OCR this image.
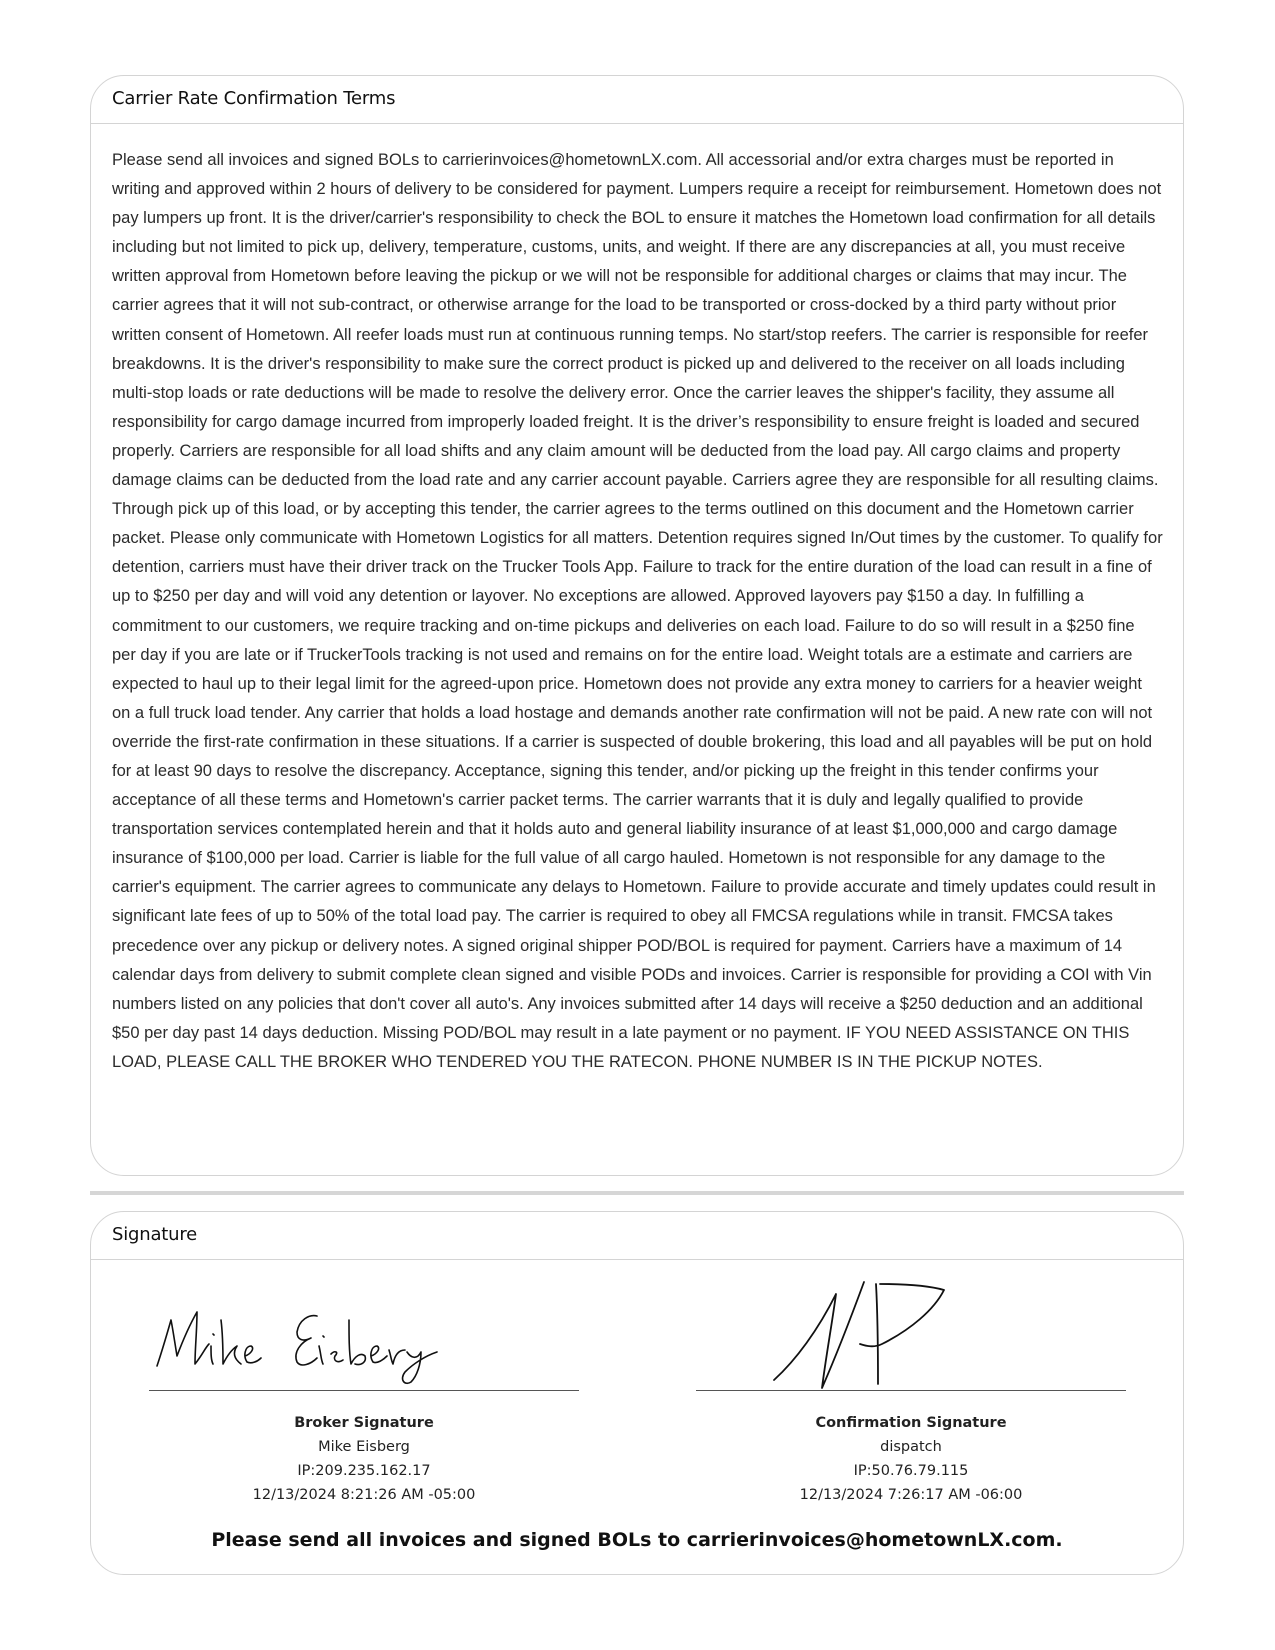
Carrier Rate Confirmation Terms
Please send all invoices and signed BOLs to carrierinvoices@hometownLX.com. All accessorial and/or extra charges must be reported in writing and approved within 2 hours of delivery to be considered for payment. Lumpers require a receipt for reimbursement. Hometown does not pay lumpers up front. It is the driver/carrier's responsibility to check the BOL to ensure it matches the Hometown load confirmation for all details including but not limited to pick up, delivery, temperature, customs, units, and weight. If there are any discrepancies at all, you must receive written approval from Hometown before leaving the pickup or we will not be responsible for additional charges or claims that may incur. The carrier agrees that it will not sub-contract, or otherwise arrange for the load to be transported or cross-docked by a third party without prior written consent of Hometown. All reefer loads must run at continuous running temps. No start/stop reefers. The carrier is responsible for reefer breakdowns. It is the driver's responsibility to make sure the correct product is picked up and delivered to the receiver on all loads including multi-stop loads or rate deductions will be made to resolve the delivery error. Once the carrier leaves the shipper's facility, they assume all responsibility for cargo damage incurred from improperly loaded freight. It is the driver’s responsibility to ensure freight is loaded and secured properly. Carriers are responsible for all load shifts and any claim amount will be deducted from the load pay. All cargo claims and property damage claims can be deducted from the load rate and any carrier account payable. Carriers agree they are responsible for all resulting claims. Through pick up of this load, or by accepting this tender, the carrier agrees to the terms outlined on this document and the Hometown carrier packet. Please only communicate with Hometown Logistics for all matters. Detention requires signed In/Out times by the customer. To qualify for detention, carriers must have their driver track on the Trucker Tools App. Failure to track for the entire duration of the load can result in a fine of up to $250 per day and will void any detention or layover. No exceptions are allowed. Approved layovers pay $150 a day. In fulfilling a commitment to our customers, we require tracking and on-time pickups and deliveries on each load. Failure to do so will result in a $250 fine per day if you are late or if TruckerTools tracking is not used and remains on for the entire load. Weight totals are a estimate and carriers are expected to haul up to their legal limit for the agreed-upon price. Hometown does not provide any extra money to carriers for a heavier weight on a full truck load tender. Any carrier that holds a load hostage and demands another rate confirmation will not be paid. A new rate con will not override the first-rate confirmation in these situations. If a carrier is suspected of double brokering, this load and all payables will be put on hold for at least 90 days to resolve the discrepancy. Acceptance, signing this tender, and/or picking up the freight in this tender confirms your acceptance of all these terms and Hometown's carrier packet terms. The carrier warrants that it is duly and legally qualified to provide transportation services contemplated herein and that it holds auto and general liability insurance of at least $1,000,000 and cargo damage insurance of $100,000 per load. Carrier is liable for the full value of all cargo hauled. Hometown is not responsible for any damage to the carrier's equipment. The carrier agrees to communicate any delays to Hometown. Failure to provide accurate and timely updates could result in significant late fees of up to 50% of the total load pay. The carrier is required to obey all FMCSA regulations while in transit. FMCSA takes precedence over any pickup or delivery notes. A signed original shipper POD/BOL is required for payment. Carriers have a maximum of 14 calendar days from delivery to submit complete clean signed and visible PODs and invoices. Carrier is responsible for providing a COI with Vin numbers listed on any policies that don't cover all auto's. Any invoices submitted after 14 days will receive a $250 deduction and an additional $50 per day past 14 days deduction. Missing POD/BOL may result in a late payment or no payment. IF YOU NEED ASSISTANCE ON THIS LOAD, PLEASE CALL THE BROKER WHO TENDERED YOU THE RATECON. PHONE NUMBER IS IN THE PICKUP NOTES.
Signature
Broker Signature
Mike Eisberg
IP:209.235.162.17
12/13/2024 8:21:26 AM -05:00
Confirmation Signature
dispatch
IP:50.76.79.115
12/13/2024 7:26:17 AM -06:00
Please send all invoices and signed BOLs to carrierinvoices@hometownLX.com.
